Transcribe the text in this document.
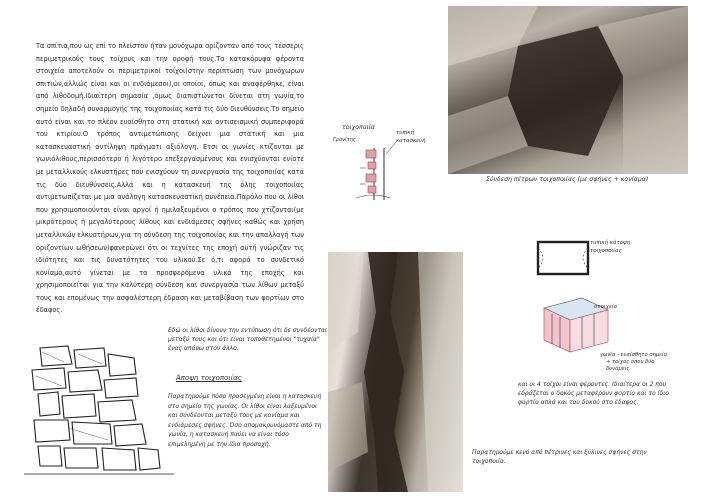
Τα σπίτια,που ως επί το πλείστον ήταν μονόχωρα ορίζονταν από τους τέσσερις περιμετρικούς τους τοίχους και την οροφή τους.Τα κατακόρυφα φέροντα στοιχεία αποτελούν οι περιμετρικοί τοίχοι(στην περίπτωση των μονόχωρων σπιτιών,αλλιώς είναι και οι ενδιάμεσοι),οι οποίοι, όπως και αναφέρθηκε, είναι από λιθοδομή.Ιδιαίτερη σημασία ,όμως διαπιστώνεται δίνεται στη γωνία,το σημείο δηλαδή συναρμογής της τοιχοποιίας κατά τις δύο διευθύνσεις.Το σημείο αυτό είναι και το πλέον ευαίσθητο στη στατική και αντισεισμική συμπεριφορά του κτιρίου.Ο τρόπος αντιμετώπισης δείχνει μια στατική και μια κατασκευαστική αντίληψη πράγματι αξιόλογη. Ετσι οι γωνίες κτίζονται με γωνιόλιθους,περισσότερο ή λιγότερο επεξεργασμένους και ενισχύονται ενίοτε με μεταλλικούς ελκυστήρες που ενισχύουν τη συνεργασία της τοιχοποιίας κατά τις δύο διευθύνσεις.Αλλά και η κατασκευή της όλης τοιχοποιίας αντιμετωπίζεται με μια ανάλογη κατασκευαστική συνέπεια.Παρόλο που οι λίθοι που χρησιμοποιούνται είναι αργοί ή ημιλαξευμένοι ο τρόπος που χτίζονται(με μικρότερους ή μεγαλύτερους λίθους και ενδιάμεσες σφήνες καθώς και χρήση μεταλλικών ελκυστήρων,για τη σύνδεση της τοιχοποιίας και την απαλλαγή των οριζοντίων ωθήσεων)φανερώνει ότι οι τεχνίτες της εποχή αυτή γνώριζαν τις ιδιότητες και τις δυνατότητες του υλικού.Σε ό,τι αφορά το συνδετικό κονίαμα,αυτό γίνεται με τα προσφερόμενα υλικά της εποχής και χρησιμοποιείται για την καλύτερη σύνδεση και συνεργασία των λίθων μεταξύ τους και επομένως την ασφαλέστερη έδραση και μεταβίβαση των φορτίων στο έδαφος.
τοιχοποιία
Γρανίτης
τυπική
κατασκευή
Σύνδεση πέτρων τοιχοποιίας (με σφήνες + κονίαμα)
τυπική κάτοψη
τοιχοποιίας
στοιχείο
γωνία - ευαίσθητο σημείο
+ τοίχος όπου δύο
δυνάμεις
και οι 4 τοίχοι είναι φέροντες. Ιδιαίτερα οι 2 που εδράζεται ο δοκός μεταφέρουν φορτίο και το ίδιο φορτίο απλά και του δοκού στο έδαφος.
Παρατηρούμε κενό από πέτρινες και ξύλινες σφήνες στην τοιχοποιία.
Εδώ οι λίθοι δίνουν την εντύπωση ότι δε συνδέονται μεταξύ τους και ότι είναι τοποθετημένοι "τυχαία" ένας απάνω στον άλλο.
Άποψη τοιχοποιίας
Παρατηρούμε πόσο προσεγμένη είναι η κατασκευή στο σημείο της γωνίας. Οι λίθοι είναι λαξευμένοι και συνδέονται μεταξύ τους με κονίαμα και ενδιάμεσες σφήνες. Όσο απομακρυνόμαστε από τη γωνία, η κατασκευή παύει να είναι τόσο επιμελημένη με την ίδια προσοχή.
